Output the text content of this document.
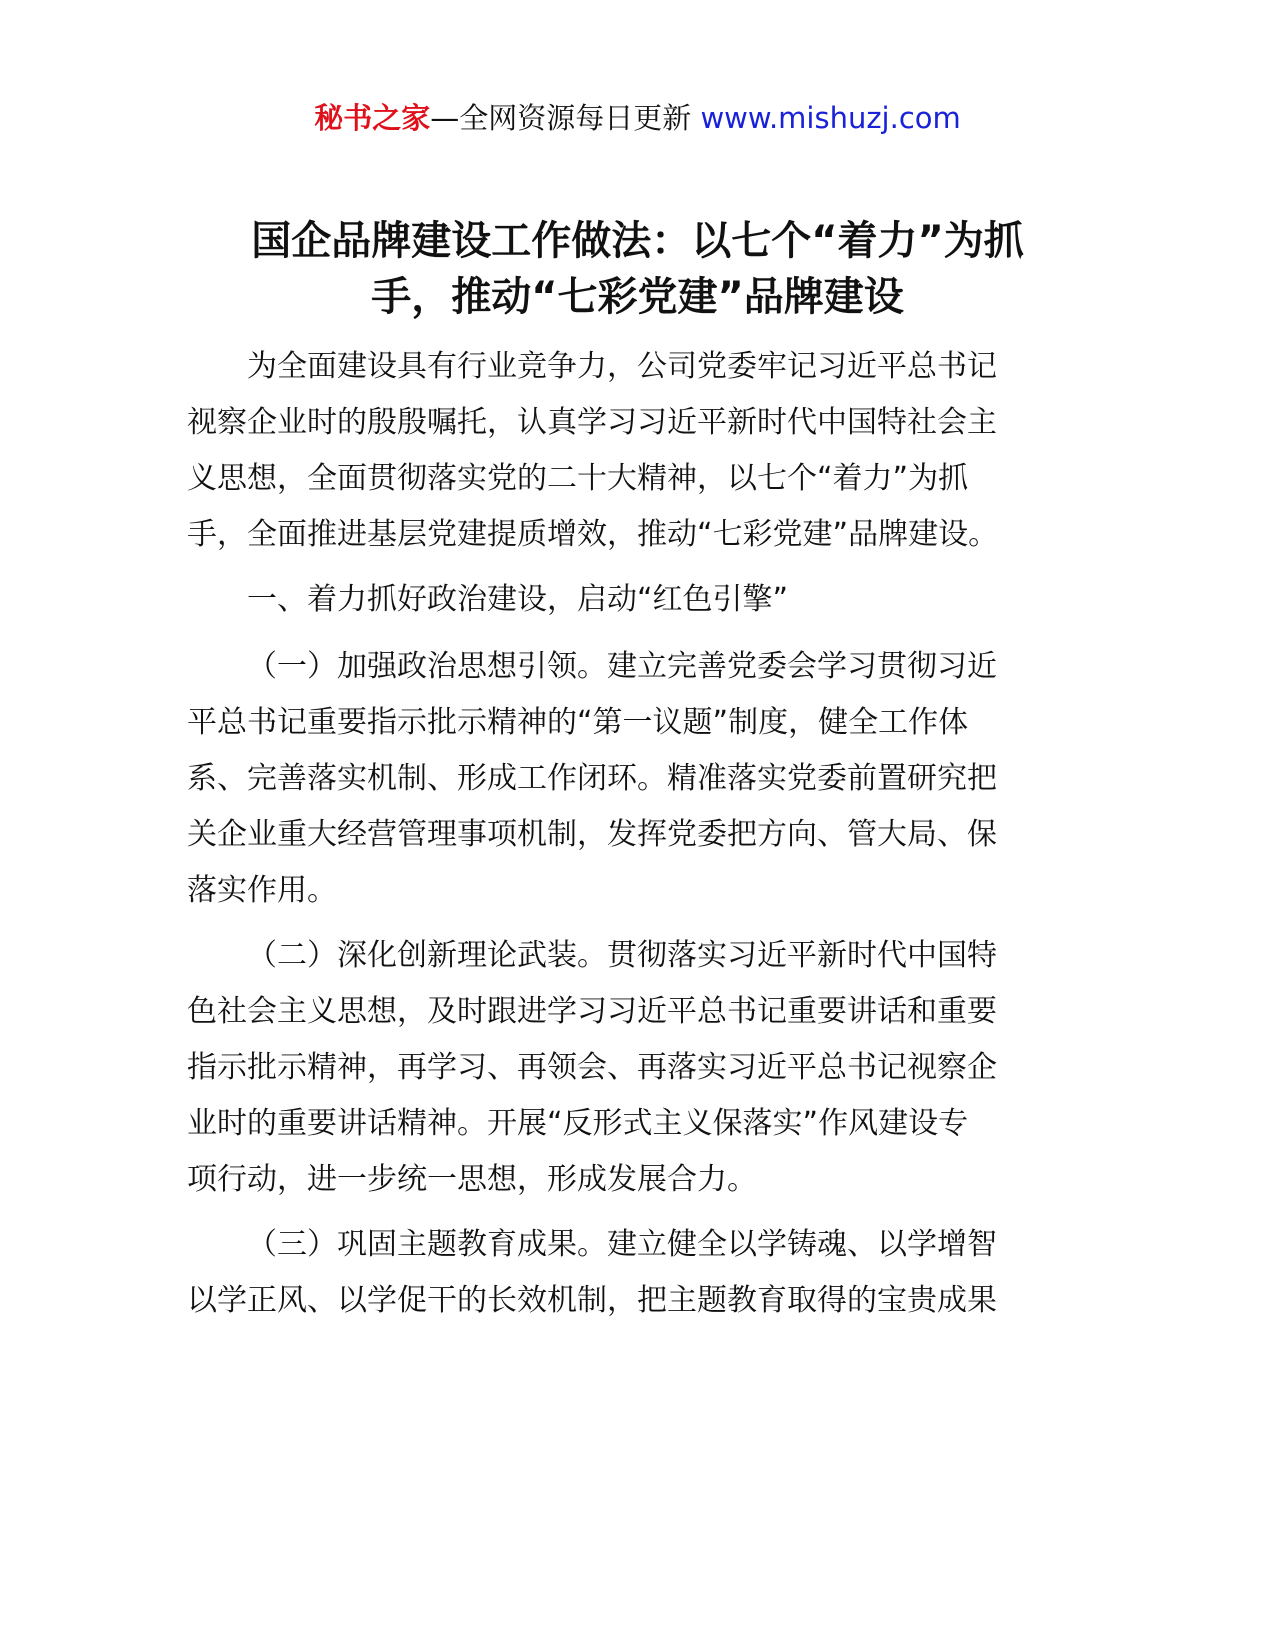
秘书之家—全网资源每日更新 www.mishuzj.com
国企品牌建设工作做法：以七个“着力”为抓
手，推动“七彩党建”品牌建设

为全面建设具有行业竞争力，公司党委牢记习近平总书记
视察企业时的殷殷嘱托，认真学习习近平新时代中国特社会主
义思想，全面贯彻落实党的二十大精神，以七个“着力”为抓
手，全面推进基层党建提质增效，推动“七彩党建”品牌建设。

一、着力抓好政治建设，启动“红色引擎”

（一）加强政治思想引领。建立完善党委会学习贯彻习近
平总书记重要指示批示精神的“第一议题”制度，健全工作体
系、完善落实机制、形成工作闭环。精准落实党委前置研究把
关企业重大经营管理事项机制，发挥党委把方向、管大局、保
落实作用。

（二）深化创新理论武装。贯彻落实习近平新时代中国特
色社会主义思想，及时跟进学习习近平总书记重要讲话和重要
指示批示精神，再学习、再领会、再落实习近平总书记视察企
业时的重要讲话精神。开展“反形式主义保落实”作风建设专
项行动，进一步统一思想，形成发展合力。

（三）巩固主题教育成果。建立健全以学铸魂、以学增智
以学正风、以学促干的长效机制，把主题教育取得的宝贵成果
